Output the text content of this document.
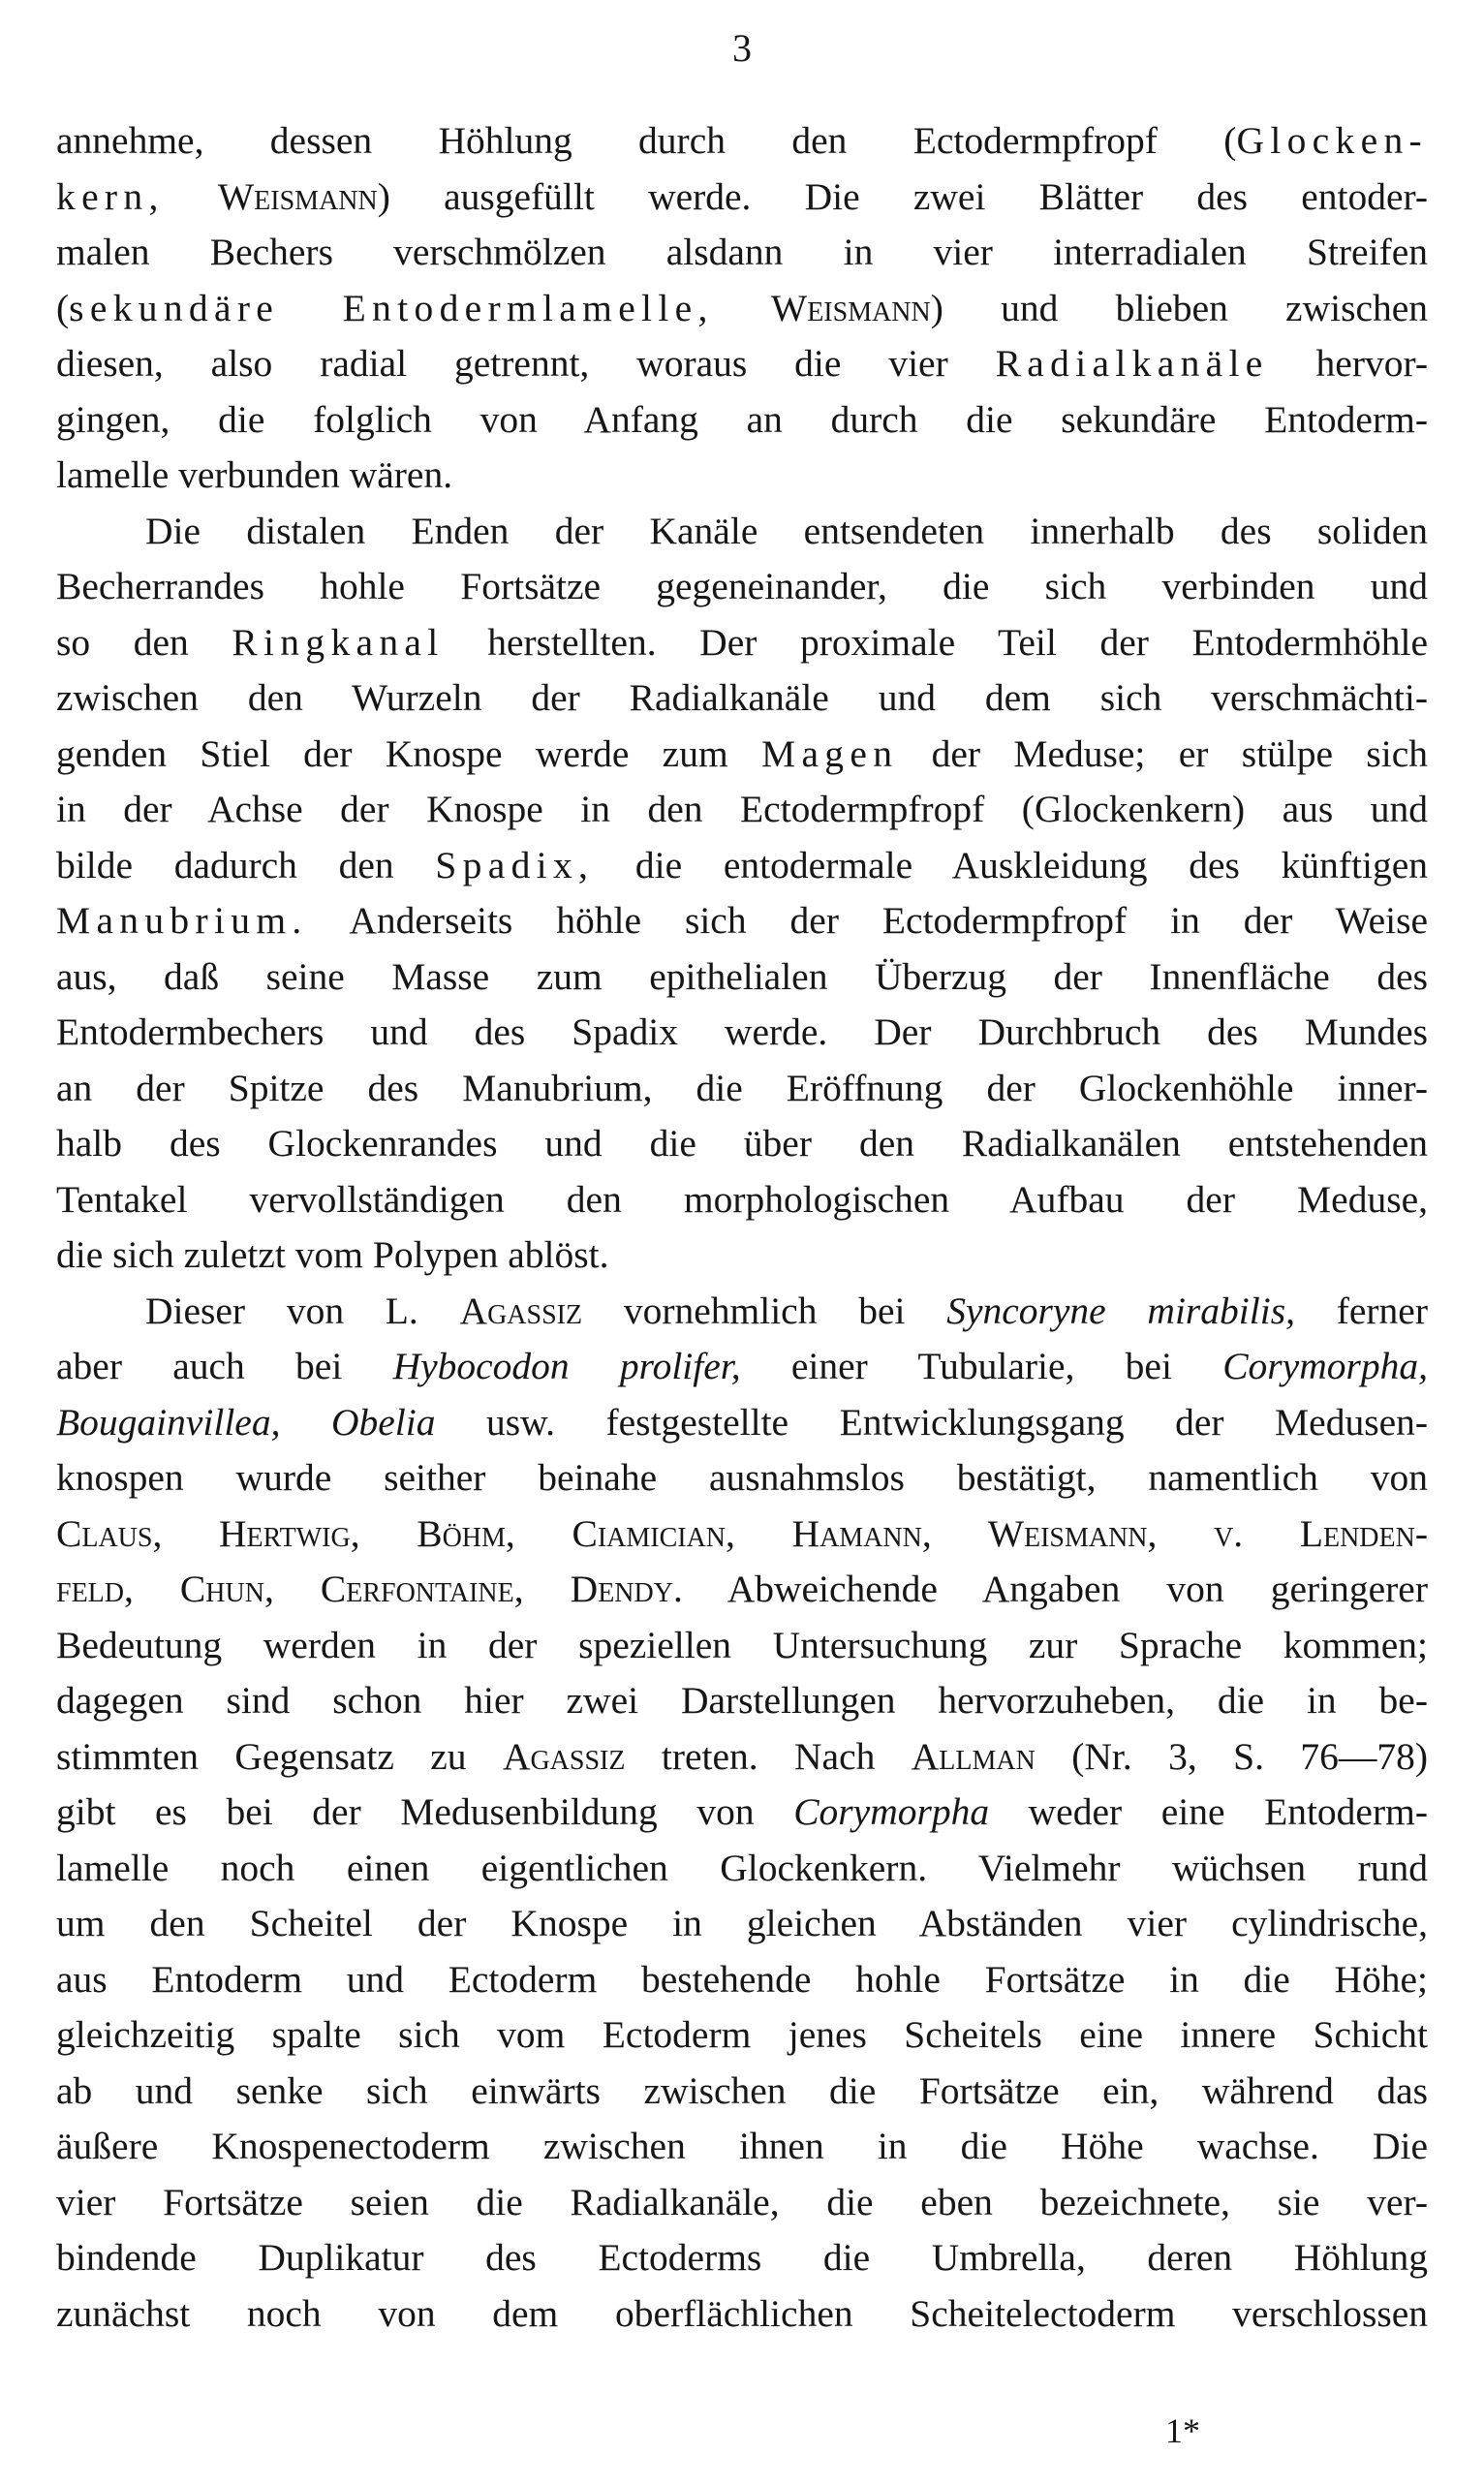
3
annehme, dessen Höhlung durch den Ectodermpfropf (Glocken-
kern, Weismann) ausgefüllt werde. Die zwei Blätter des entoder-
malen Bechers verschmölzen alsdann in vier interradialen Streifen
(sekundäre Entodermlamelle, Weismann) und blieben zwischen
diesen, also radial getrennt, woraus die vier Radialkanäle hervor-
gingen, die folglich von Anfang an durch die sekundäre Entoderm-
lamelle verbunden wären.
Die distalen Enden der Kanäle entsendeten innerhalb des soliden
Becherrandes hohle Fortsätze gegeneinander, die sich verbinden und
so den Ringkanal herstellten. Der proximale Teil der Entodermhöhle
zwischen den Wurzeln der Radialkanäle und dem sich verschmächti-
genden Stiel der Knospe werde zum Magen der Meduse; er stülpe sich
in der Achse der Knospe in den Ectodermpfropf (Glockenkern) aus und
bilde dadurch den Spadix, die entodermale Auskleidung des künftigen
Manubrium. Anderseits höhle sich der Ectodermpfropf in der Weise
aus, daß seine Masse zum epithelialen Überzug der Innenfläche des
Entodermbechers und des Spadix werde. Der Durchbruch des Mundes
an der Spitze des Manubrium, die Eröffnung der Glockenhöhle inner-
halb des Glockenrandes und die über den Radialkanälen entstehenden
Tentakel vervollständigen den morphologischen Aufbau der Meduse,
die sich zuletzt vom Polypen ablöst.
Dieser von L. Agassiz vornehmlich bei Syncoryne mirabilis, ferner
aber auch bei Hybocodon prolifer, einer Tubularie, bei Corymorpha,
Bougainvillea, Obelia usw. festgestellte Entwicklungsgang der Medusen-
knospen wurde seither beinahe ausnahmslos bestätigt, namentlich von
Claus, Hertwig, Böhm, Ciamician, Hamann, Weismann, v. Lenden-
feld, Chun, Cerfontaine, Dendy. Abweichende Angaben von geringerer
Bedeutung werden in der speziellen Untersuchung zur Sprache kommen;
dagegen sind schon hier zwei Darstellungen hervorzuheben, die in be-
stimmten Gegensatz zu Agassiz treten. Nach Allman (Nr. 3, S. 76—78)
gibt es bei der Medusenbildung von Corymorpha weder eine Entoderm-
lamelle noch einen eigentlichen Glockenkern. Vielmehr wüchsen rund
um den Scheitel der Knospe in gleichen Abständen vier cylindrische,
aus Entoderm und Ectoderm bestehende hohle Fortsätze in die Höhe;
gleichzeitig spalte sich vom Ectoderm jenes Scheitels eine innere Schicht
ab und senke sich einwärts zwischen die Fortsätze ein, während das
äußere Knospenectoderm zwischen ihnen in die Höhe wachse. Die
vier Fortsätze seien die Radialkanäle, die eben bezeichnete, sie ver-
bindende Duplikatur des Ectoderms die Umbrella, deren Höhlung
zunächst noch von dem oberflächlichen Scheitelectoderm verschlossen
1*
